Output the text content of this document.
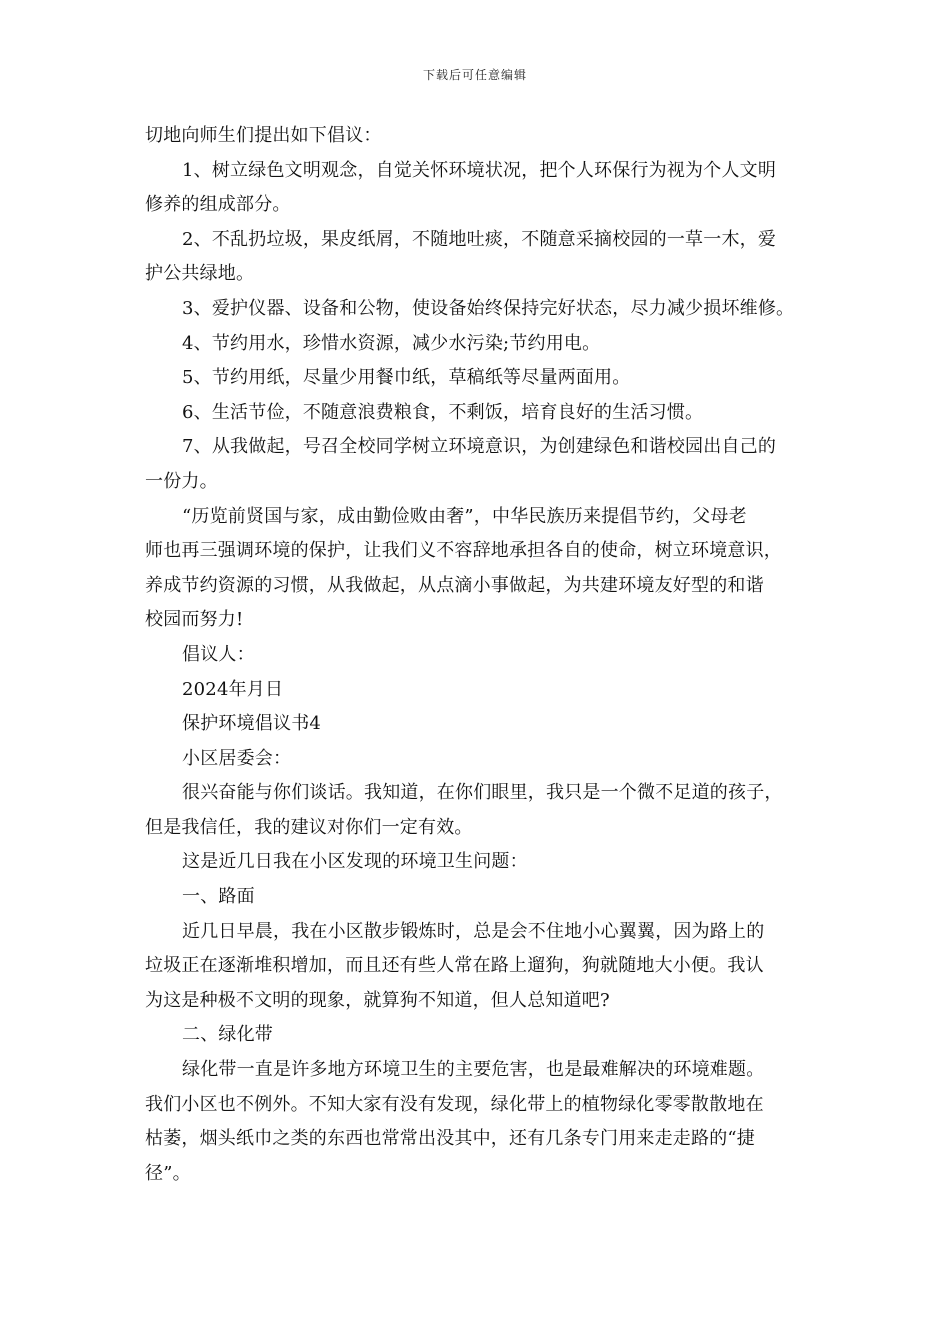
下载后可任意编辑
切地向师生们提出如下倡议：
1、树立绿色文明观念，自觉关怀环境状况，把个人环保行为视为个人文明
修养的组成部分。
2、不乱扔垃圾，果皮纸屑，不随地吐痰，不随意采摘校园的一草一木，爱
护公共绿地。
3、爱护仪器、设备和公物，使设备始终保持完好状态，尽力减少损坏维修。
4、节约用水，珍惜水资源，减少水污染;节约用电。
5、节约用纸，尽量少用餐巾纸，草稿纸等尽量两面用。
6、生活节俭，不随意浪费粮食，不剩饭，培育良好的生活习惯。
7、从我做起，号召全校同学树立环境意识，为创建绿色和谐校园出自己的
一份力。
“历览前贤国与家，成由勤俭败由奢”，中华民族历来提倡节约，父母老
师也再三强调环境的保护，让我们义不容辞地承担各自的使命，树立环境意识，
养成节约资源的习惯，从我做起，从点滴小事做起，为共建环境友好型的和谐
校园而努力!
倡议人：
2024年月日
保护环境倡议书4
小区居委会：
很兴奋能与你们谈话。我知道，在你们眼里，我只是一个微不足道的孩子，
但是我信任，我的建议对你们一定有效。
这是近几日我在小区发现的环境卫生问题：
一、路面
近几日早晨，我在小区散步锻炼时，总是会不住地小心翼翼，因为路上的
垃圾正在逐渐堆积增加，而且还有些人常在路上遛狗，狗就随地大小便。我认
为这是种极不文明的现象，就算狗不知道，但人总知道吧?
二、绿化带
绿化带一直是许多地方环境卫生的主要危害，也是最难解决的环境难题。
我们小区也不例外。不知大家有没有发现，绿化带上的植物绿化零零散散地在
枯萎，烟头纸巾之类的东西也常常出没其中，还有几条专门用来走走路的“捷
径”。
